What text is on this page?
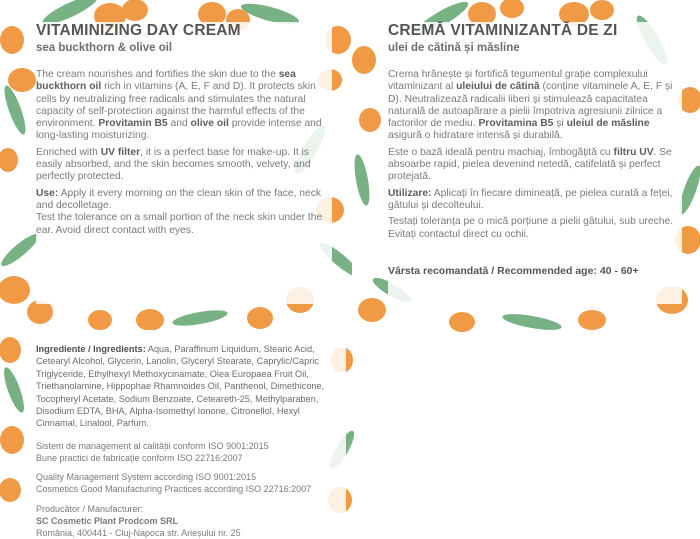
VITAMINIZING DAY CREAM
sea buckthorn & olive oil

The cream nourishes and fortifies the skin due to the sea buckthorn oil rich in vitamins (A, E, F and D). It protects skin cells by neutralizing free radicals and stimulates the natural capacity of self-protection against the harmful effects of the environment. Provitamin B5 and olive oil provide intense and long-lasting moisturizing.

Enriched with UV filter, it is a perfect base for make-up. It is easily absorbed, and the skin becomes smooth, velvety, and perfectly protected.

Use: Apply it every morning on the clean skin of the face, neck and decolletage.

Test the tolerance on a small portion of the neck skin under the ear. Avoid direct contact with eyes.

CREMĂ VITAMINIZANTĂ DE ZI
ulei de cătină și măsline

Crema hrănește și fortifică tegumentul grație complexului vitaminizant al uleiului de cătină (conține vitaminele A, E, F și D). Neutralizează radicalii liberi și stimulează capacitatea naturală de autoapărare a pielii împotriva agresiunii zilnice a factorilor de mediu. Provitamina B5 și uleiul de măsline asigură o hidratare intensă și durabilă.

Este o bază ideală pentru machiaj, îmbogățită cu filtru UV. Se absoarbe rapid, pielea devenind netedă, catifelată și perfect protejată.

Utilizare: Aplicați în fiecare dimineață, pe pielea curată a feței, gâtului și decolteului.

Testați toleranța pe o mică porțiune a pielii gâtului, sub ureche. Evitați contactul direct cu ochii.

Vârsta recomandată / Recommended age: 40 - 60+

Ingrediente / Ingredients: Aqua, Paraffinum Liquidum, Stearic Acid, Cetearyl Alcohol, Glycerin, Lanolin, Glyceryl Stearate, Caprylic/Capric Triglyceride, Ethylhexyl Methoxycinamate, Olea Europaea Fruit Oil, Triethanolamine, Hippophae Rhamnoides Oil, Panthenol, Dimethicone, Tocopheryl Acetate, Sodium Benzoate, Ceteareth-25, Methylparaben, Disodium EDTA, BHA, Alpha-Isomethyl Ionone, Citronellol, Hexyl Cinnamal, Linalool, Parfum.

Sistem de management al calității conform ISO 9001:2015

Bune practici de fabricație conform ISO 22716:2007

Quality Management System according ISO 9001:2015

Cosmetics Good Manufacturing Practices according ISO 22716:2007

Producător / Manufacturer:

SC Cosmetic Plant Prodcom SRL

România, 400441 - Cluj-Napoca str. Arieșului nr. 25
